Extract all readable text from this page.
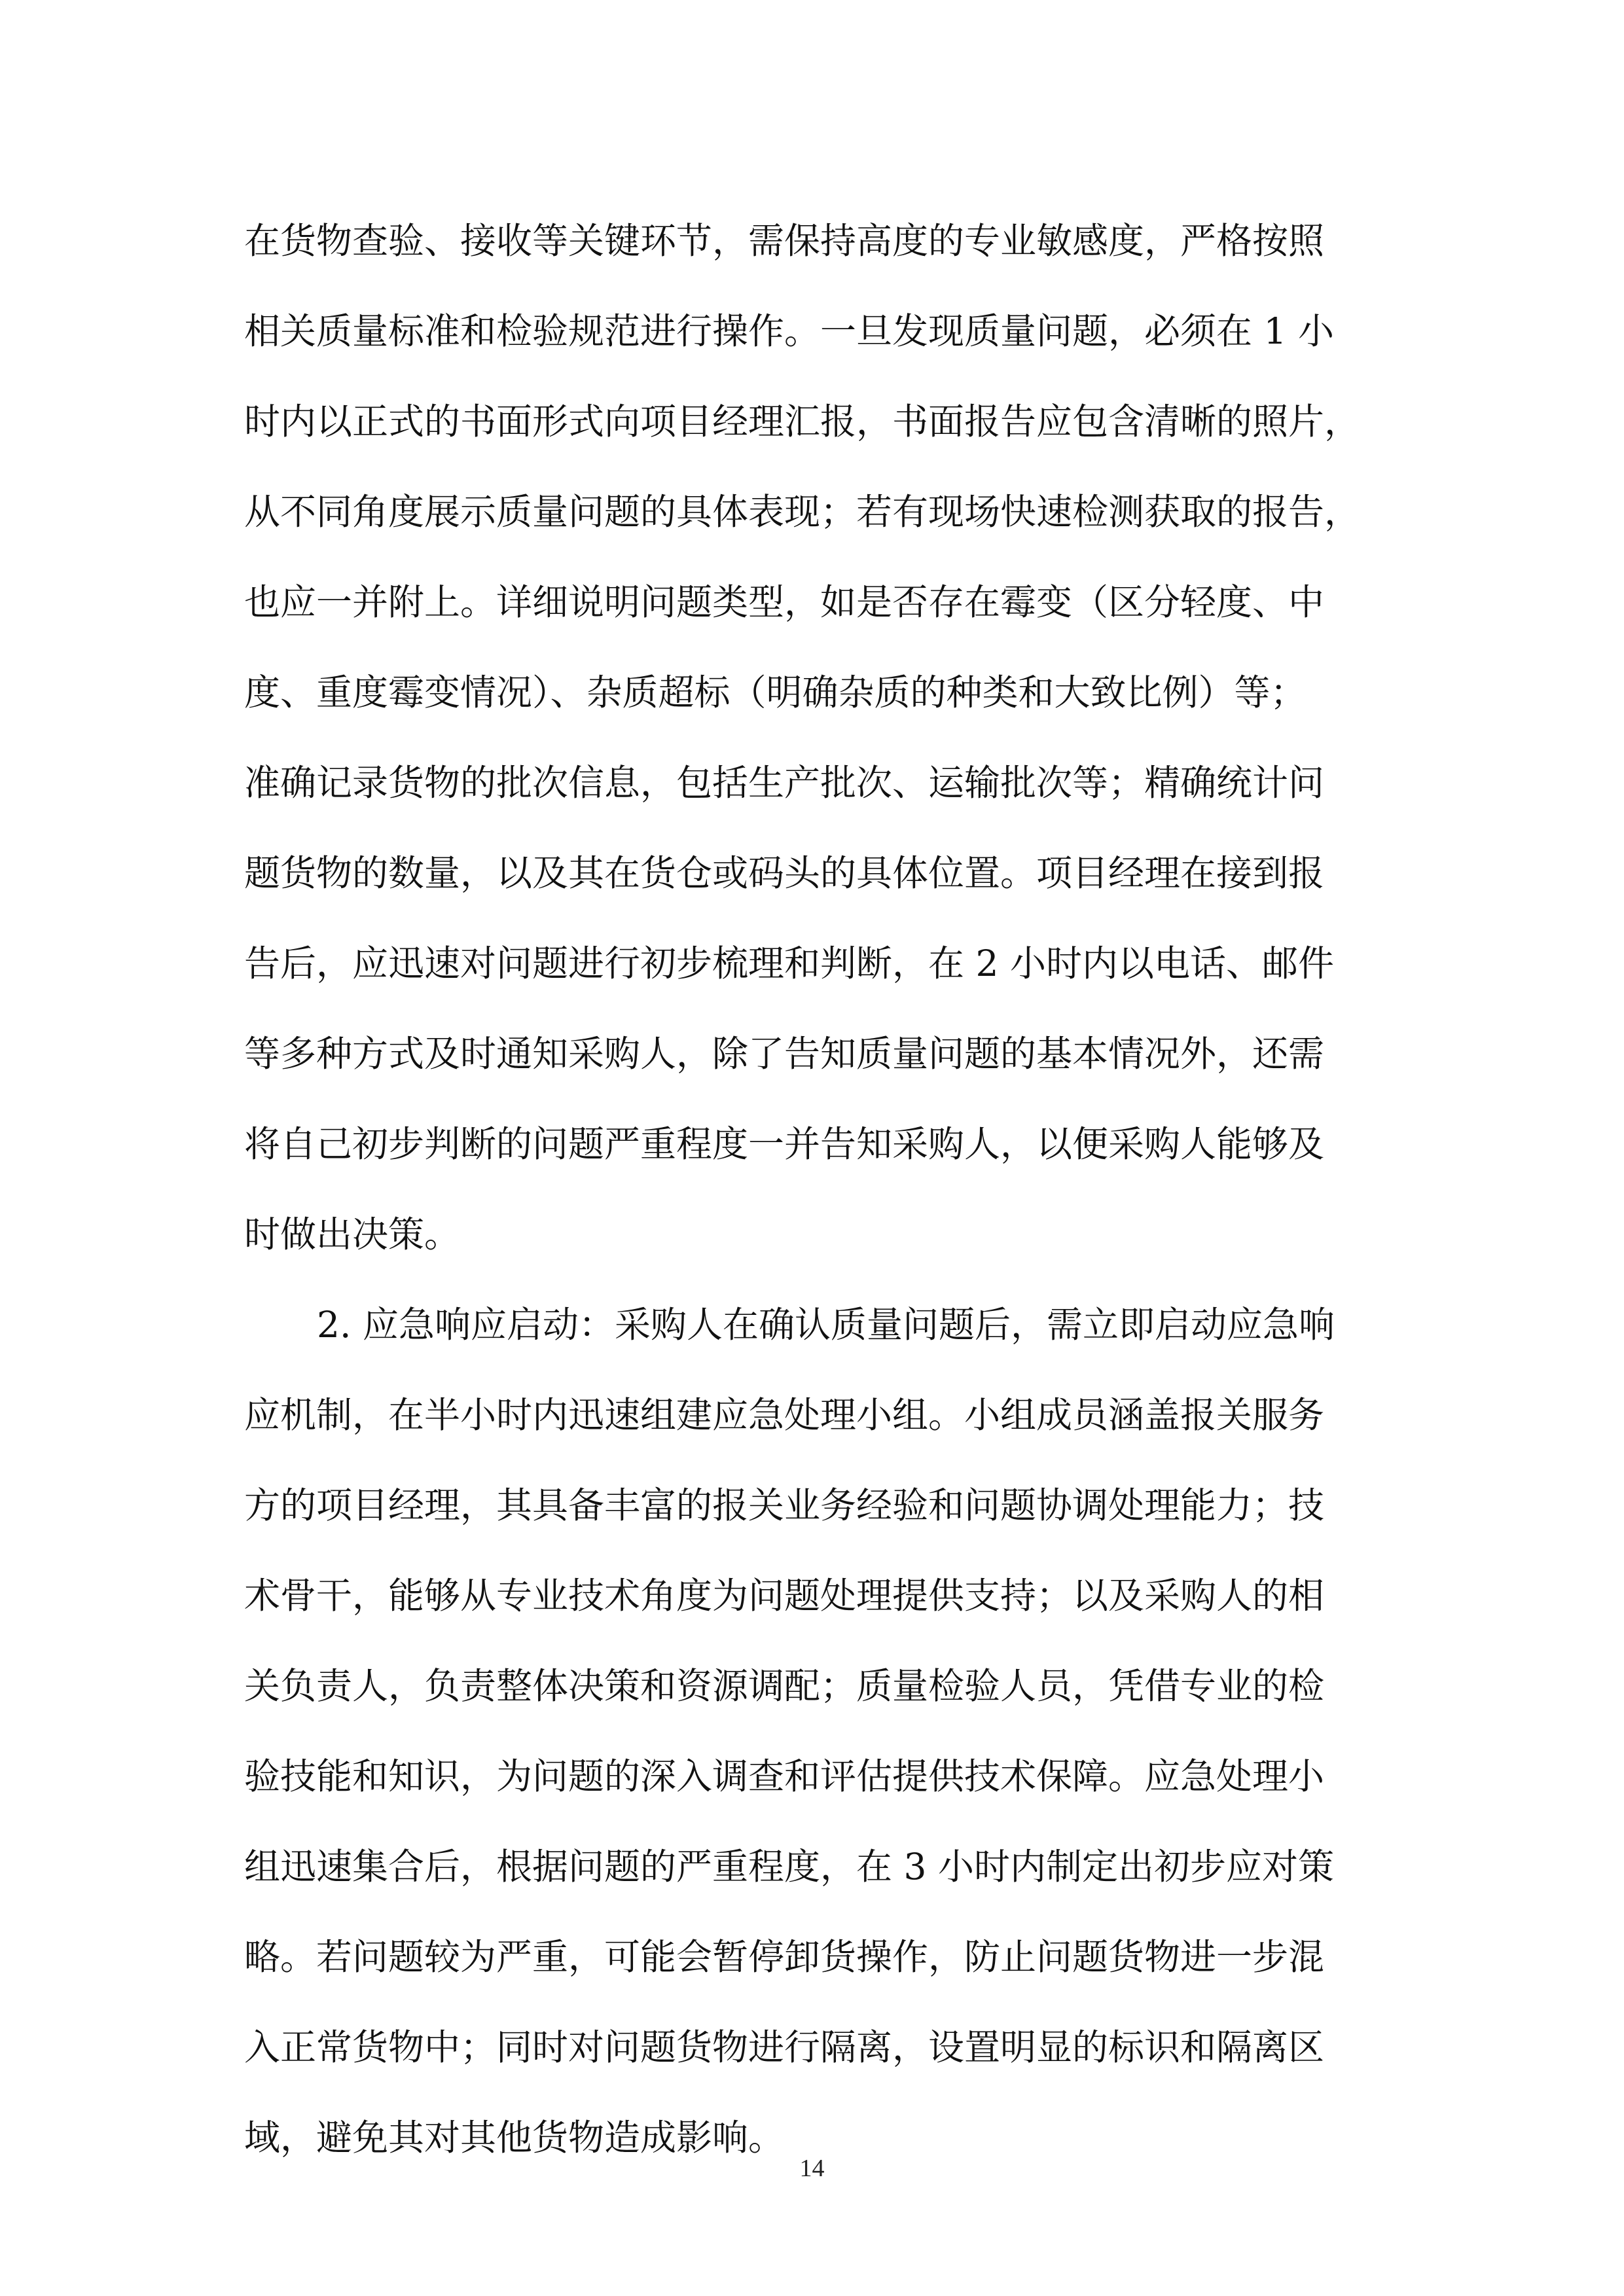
在货物查验、接收等关键环节，需保持高度的专业敏感度，严格按照
相关质量标准和检验规范进行操作。一旦发现质量问题，必须在 1 小
时内以正式的书面形式向项目经理汇报，书面报告应包含清晰的照片，
从不同角度展示质量问题的具体表现；若有现场快速检测获取的报告，
也应一并附上。详细说明问题类型，如是否存在霉变（区分轻度、中
度、重度霉变情况）、杂质超标（明确杂质的种类和大致比例）等；
准确记录货物的批次信息，包括生产批次、运输批次等；精确统计问
题货物的数量，以及其在货仓或码头的具体位置。项目经理在接到报
告后，应迅速对问题进行初步梳理和判断，在 2 小时内以电话、邮件
等多种方式及时通知采购人，除了告知质量问题的基本情况外，还需
将自己初步判断的问题严重程度一并告知采购人，以便采购人能够及
时做出决策。
2. 应急响应启动：采购人在确认质量问题后，需立即启动应急响
应机制，在半小时内迅速组建应急处理小组。小组成员涵盖报关服务
方的项目经理，其具备丰富的报关业务经验和问题协调处理能力；技
术骨干，能够从专业技术角度为问题处理提供支持；以及采购人的相
关负责人，负责整体决策和资源调配；质量检验人员，凭借专业的检
验技能和知识，为问题的深入调查和评估提供技术保障。应急处理小
组迅速集合后，根据问题的严重程度，在 3 小时内制定出初步应对策
略。若问题较为严重，可能会暂停卸货操作，防止问题货物进一步混
入正常货物中；同时对问题货物进行隔离，设置明显的标识和隔离区
域，避免其对其他货物造成影响。
14
